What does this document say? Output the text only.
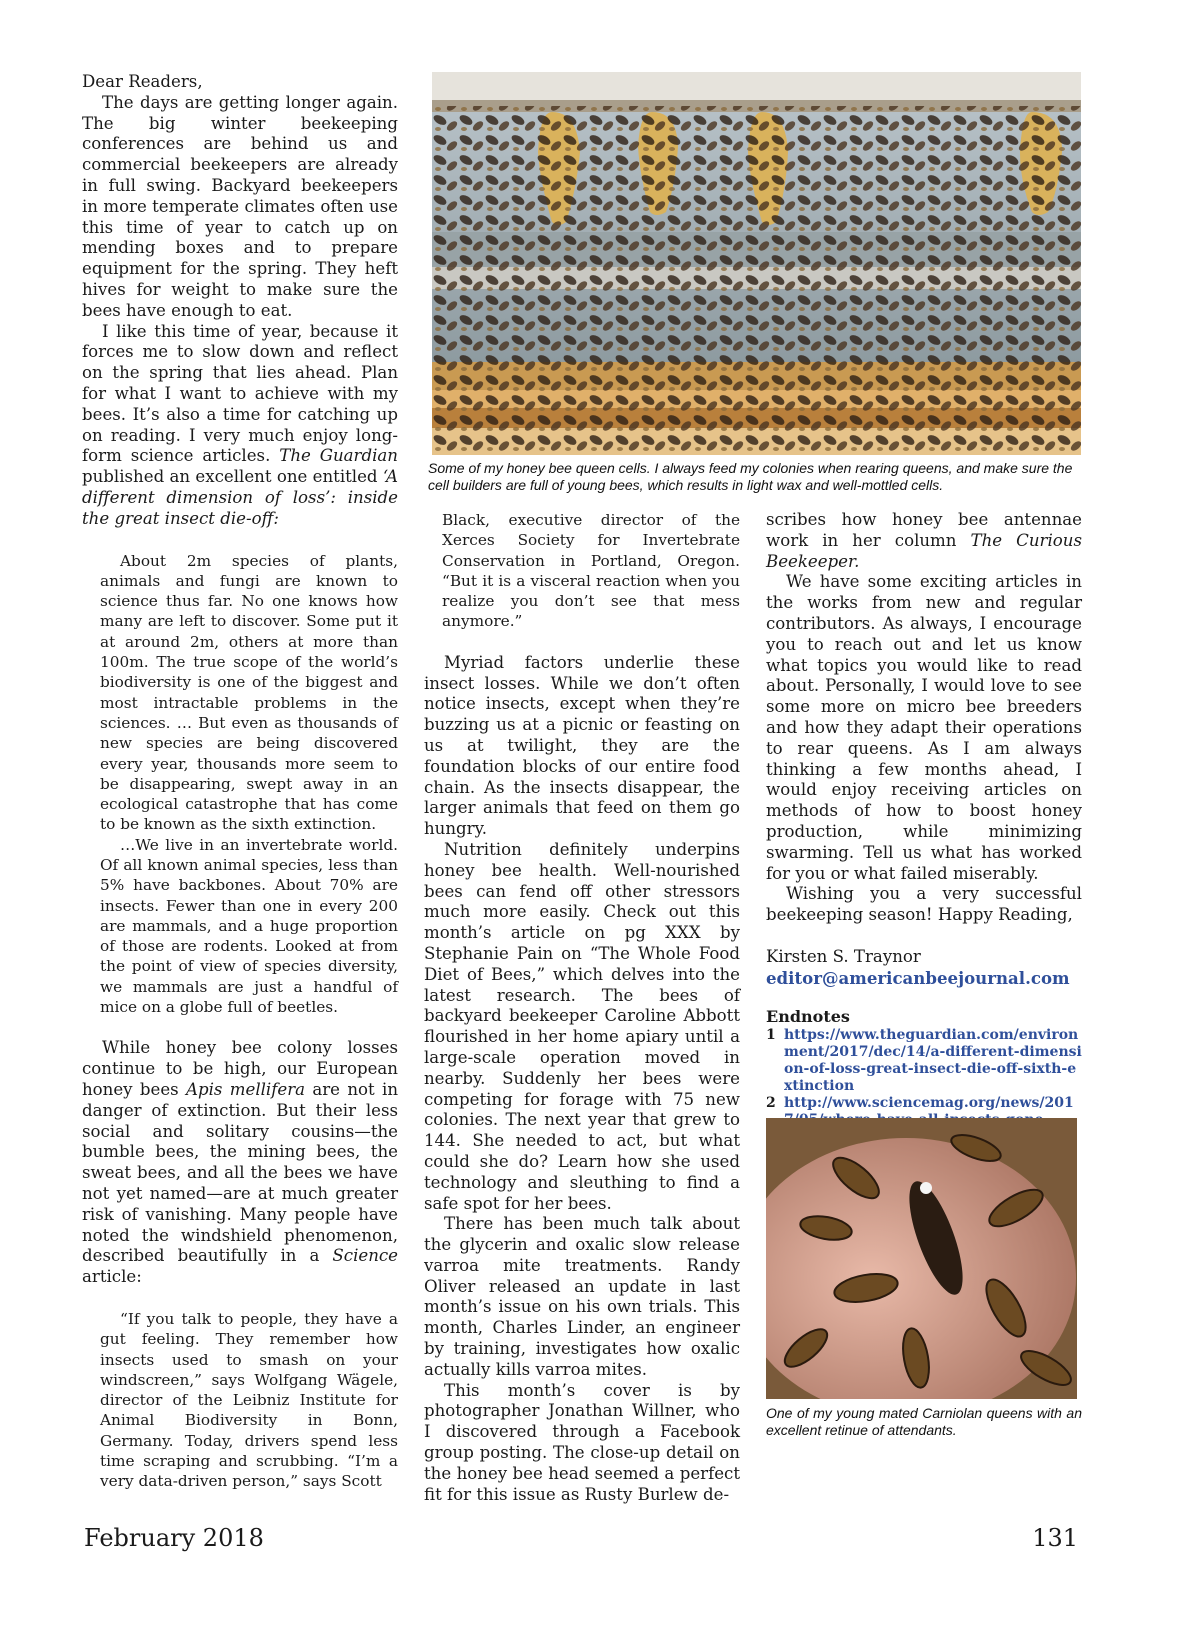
Dear Readers,

The days are getting longer again. The big winter beekeeping conferences are behind us and commercial beekeepers are already in full swing. Backyard beekeepers in more temperate climates often use this time of year to catch up on mending boxes and to prepare equipment for the spring. They heft hives for weight to make sure the bees have enough to eat.

I like this time of year, because it forces me to slow down and reflect on the spring that lies ahead. Plan for what I want to achieve with my bees. It’s also a time for catching up on reading. I very much enjoy long-form science articles. The Guardian published an excellent one entitled ‘A different dimension of loss’: inside the great insect die-off:

About 2m species of plants, animals and fungi are known to science thus far. No one knows how many are left to discover. Some put it at around 2m, others at more than 100m. The true scope of the world’s biodiversity is one of the biggest and most intractable problems in the sciences. … But even as thousands of new species are being discovered every year, thousands more seem to be disappearing, swept away in an ecological catastrophe that has come to be known as the sixth extinction.

…We live in an invertebrate world. Of all known animal species, less than 5% have backbones. About 70% are insects. Fewer than one in every 200 are mammals, and a huge proportion of those are rodents. Looked at from the point of view of species diversity, we mammals are just a handful of mice on a globe full of beetles.

While honey bee colony losses continue to be high, our European honey bees Apis mellifera are not in danger of extinction. But their less social and solitary cousins—the bumble bees, the mining bees, the sweat bees, and all the bees we have not yet named—are at much greater risk of vanishing. Many people have noted the windshield phenomenon, described beautifully in a Science article:

“If you talk to people, they have a gut feeling. They remember how insects used to smash on your windscreen,” says Wolfgang Wägele, director of the Leibniz Institute for Animal Biodiversity in Bonn, Germany. Today, drivers spend less time scraping and scrubbing. “I’m a very data-driven person,” says Scott

Some of my honey bee queen cells. I always feed my colonies when rearing queens, and make sure the cell builders are full of young bees, which results in light wax and well-mottled cells.

Black, executive director of the Xerces Society for Invertebrate Conservation in Portland, Oregon. “But it is a visceral reaction when you realize you don’t see that mess anymore.”

Myriad factors underlie these insect losses. While we don’t often notice insects, except when they’re buzzing us at a picnic or feasting on us at twilight, they are the foundation blocks of our entire food chain. As the insects disappear, the larger animals that feed on them go hungry.

Nutrition definitely underpins honey bee health. Well-nourished bees can fend off other stressors much more easily. Check out this month’s article on pg XXX by Stephanie Pain on “The Whole Food Diet of Bees,” which delves into the latest research. The bees of backyard beekeeper Caroline Abbott flourished in her home apiary until a large-scale operation moved in nearby. Suddenly her bees were competing for forage with 75 new colonies. The next year that grew to 144. She needed to act, but what could she do? Learn how she used technology and sleuthing to find a safe spot for her bees.

There has been much talk about the glycerin and oxalic slow release varroa mite treatments. Randy Oliver released an update in last month’s issue on his own trials. This month, Charles Linder, an engineer by training, investigates how oxalic actually kills varroa mites.

This month’s cover is by photographer Jonathan Willner, who I discovered through a Facebook group posting. The close-up detail on the honey bee head seemed a perfect fit for this issue as Rusty Burlew de-

scribes how honey bee antennae work in her column The Curious Beekeeper.

We have some exciting articles in the works from new and regular contributors. As always, I encourage you to reach out and let us know what topics you would like to read about. Personally, I would love to see some more on micro bee breeders and how they adapt their operations to rear queens. As I am always thinking a few months ahead, I would enjoy receiving articles on methods of how to boost honey production, while minimizing swarming. Tell us what has worked for you or what failed miserably.

Wishing you a very successful beekeeping season! Happy Reading,

Kirsten S. Traynor

editor@americanbeejournal.com

Endnotes

1 https://www.theguardian.com/environment/2017/dec/14/a-different-dimension-of-loss-great-insect-die-off-sixth-extinction
2 http://www.sciencemag.org/news/201
One of my young mated Carniolan queens with an excellent retinue of attendants.
February 2018	131
